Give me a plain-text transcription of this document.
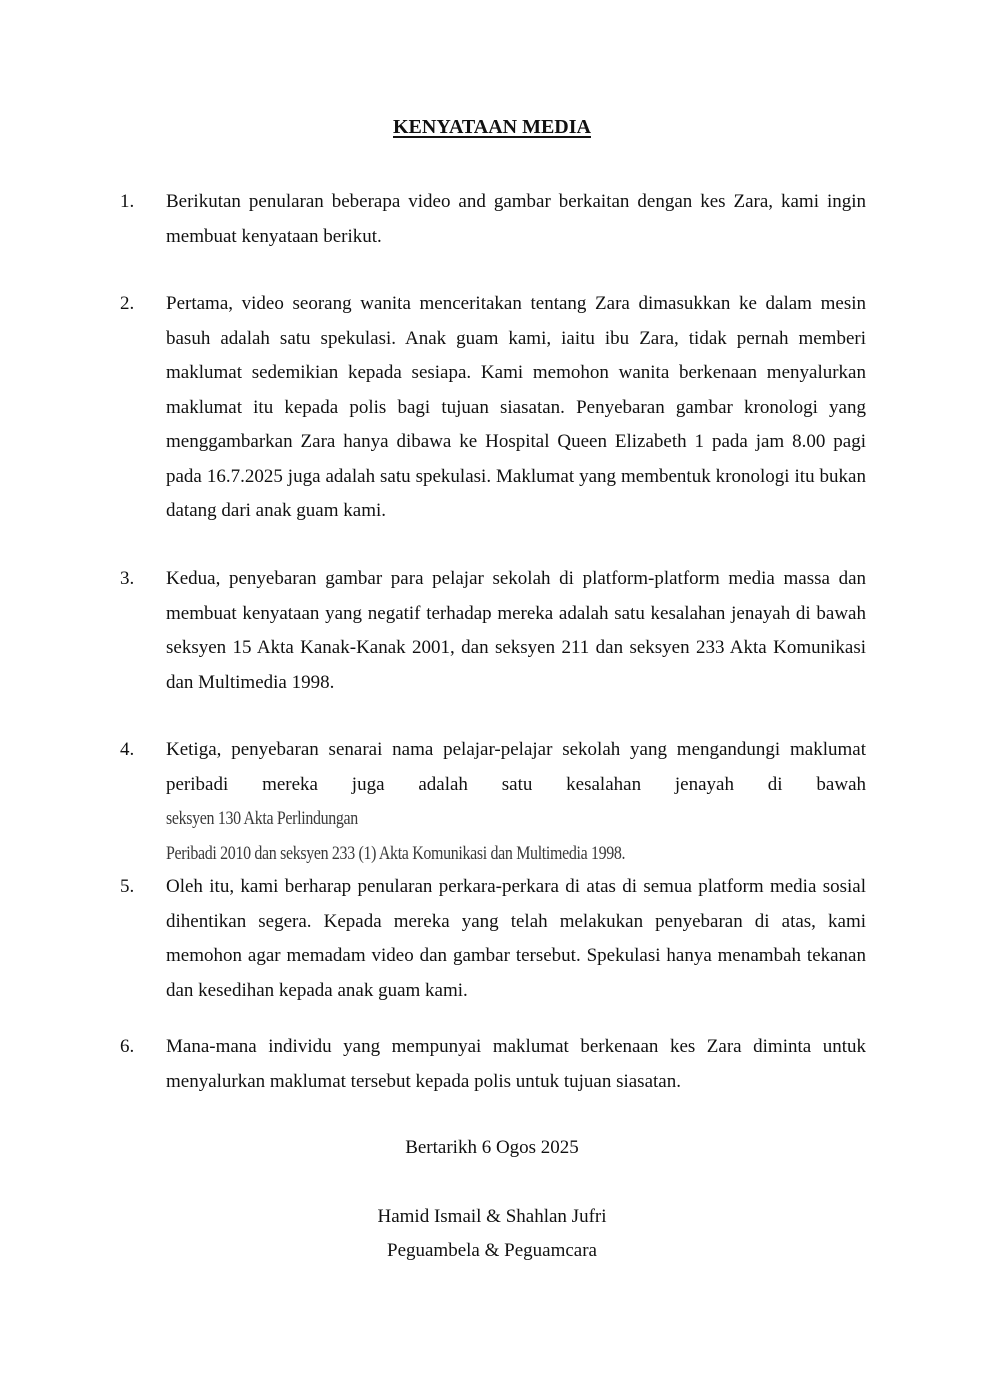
KENYATAAN MEDIA
1. Berikutan penularan beberapa video and gambar berkaitan dengan kes Zara, kami ingin membuat kenyataan berikut.
2. Pertama, video seorang wanita menceritakan tentang Zara dimasukkan ke dalam mesin basuh adalah satu spekulasi. Anak guam kami, iaitu ibu Zara, tidak pernah memberi maklumat sedemikian kepada sesiapa. Kami memohon wanita berkenaan menyalurkan maklumat itu kepada polis bagi tujuan siasatan. Penyebaran gambar kronologi yang menggambarkan Zara hanya dibawa ke Hospital Queen Elizabeth 1 pada jam 8.00 pagi pada 16.7.2025 juga adalah satu spekulasi. Maklumat yang membentuk kronologi itu bukan datang dari anak guam kami.
3. Kedua, penyebaran gambar para pelajar sekolah di platform-platform media massa dan membuat kenyataan yang negatif terhadap mereka adalah satu kesalahan jenayah di bawah seksyen 15 Akta Kanak-Kanak 2001, dan seksyen 211 dan seksyen 233 Akta Komunikasi dan Multimedia 1998.
4. Ketiga, penyebaran senarai nama pelajar-pelajar sekolah yang mengandungi maklumat peribadi mereka juga adalah satu kesalahan jenayah di bawah seksyen 130 Akta Perlindungan
Peribadi 2010 dan seksyen 233 (1) Akta Komunikasi dan Multimedia 1998.
5. Oleh itu, kami berharap penularan perkara-perkara di atas di semua platform media sosial dihentikan segera. Kepada mereka yang telah melakukan penyebaran di atas, kami memohon agar memadam video dan gambar tersebut. Spekulasi hanya menambah tekanan dan kesedihan kepada anak guam kami.
6. Mana-mana individu yang mempunyai maklumat berkenaan kes Zara diminta untuk menyalurkan maklumat tersebut kepada polis untuk tujuan siasatan.
Bertarikh 6 Ogos 2025
Hamid Ismail & Shahlan Jufri
Peguambela & Peguamcara
